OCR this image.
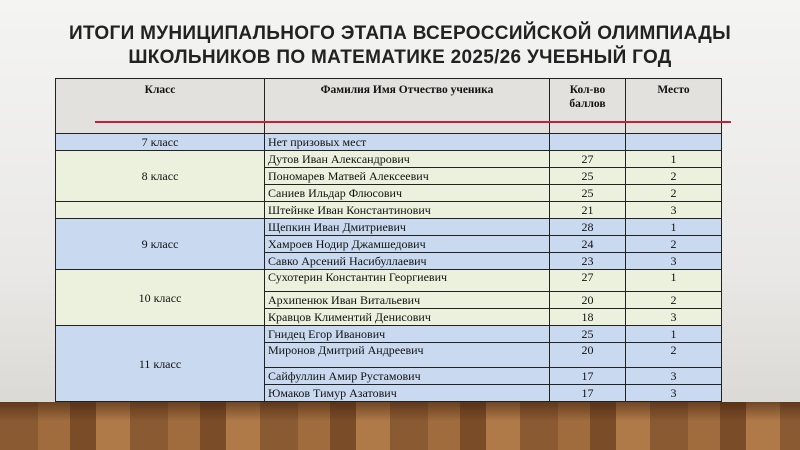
ИТОГИ МУНИЦИПАЛЬНОГО ЭТАПА ВСЕРОССИЙСКОЙ ОЛИМПИАДЫ
ШКОЛЬНИКОВ ПО МАТЕМАТИКЕ 2025/26 УЧЕБНЫЙ ГОД
Класс	Фамилия Имя Отчество ученика	Кол-во баллов	Место
7 класс	Нет призовых мест		
8 класс	Дутов Иван Александрович	27	1
	Пономарев Матвей Алексеевич	25	2
	Саниев Ильдар Флюсович	25	2
	Штейнке Иван Константинович	21	3
9 класс	Щепкин Иван Дмитриевич	28	1
	Хамроев Нодир Джамшедович	24	2
	Савко Арсений Насибуллаевич	23	3
10 класс	Сухотерин Константин Георгиевич	27	1
	Архипенюк Иван Витальевич	20	2
	Кравцов Климентий Денисович	18	3
11 класс	Гнидец Егор Иванович	25	1
	Миронов Дмитрий Андреевич	20	2
	Сайфуллин Амир Рустамович	17	3
	Юмаков Тимур Азатович	17	3
